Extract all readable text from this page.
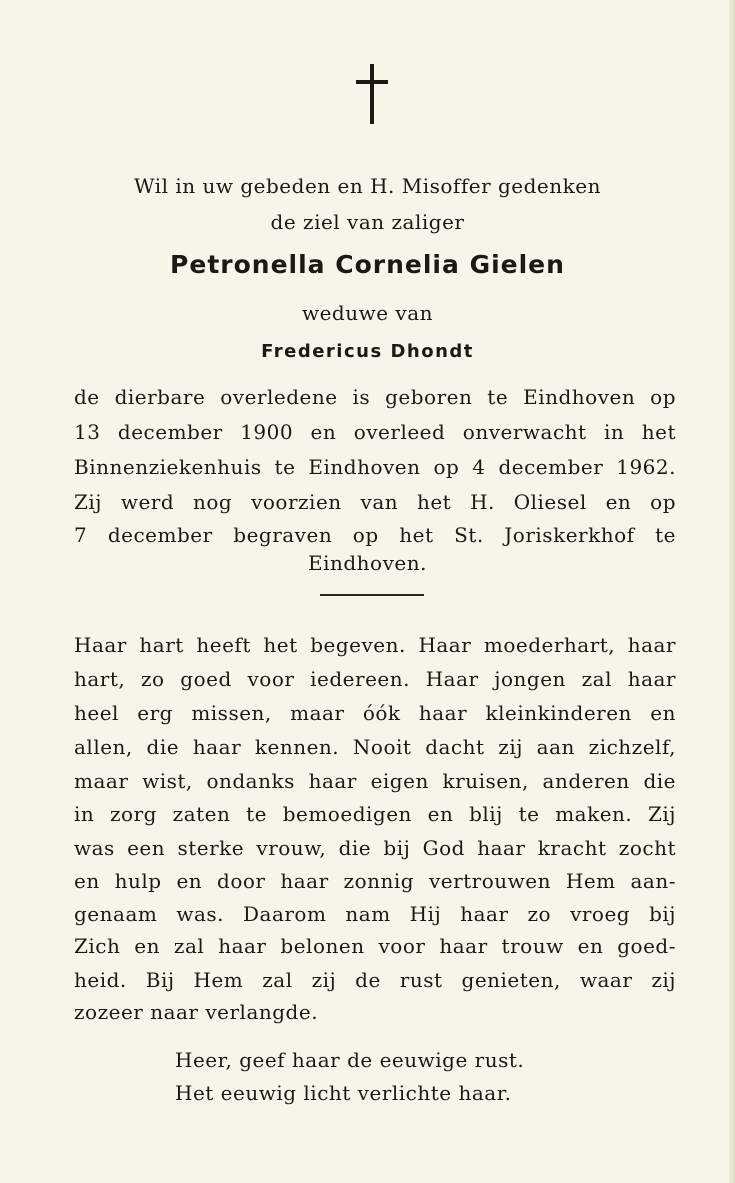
Wil in uw gebeden en H. Misoffer gedenken
de ziel van zaliger
Petronella Cornelia Gielen
weduwe van
Fredericus Dhondt
de dierbare overledene is geboren te Eindhoven op
13 december 1900 en overleed onverwacht in het
Binnenziekenhuis te Eindhoven op 4 december 1962.
Zij werd nog voorzien van het H. Oliesel en op
7 december begraven op het St. Joriskerkhof te
Eindhoven.
Haar hart heeft het begeven. Haar moederhart, haar
hart, zo goed voor iedereen. Haar jongen zal haar
heel erg missen, maar óók haar kleinkinderen en
allen, die haar kennen. Nooit dacht zij aan zichzelf,
maar wist, ondanks haar eigen kruisen, anderen die
in zorg zaten te bemoedigen en blij te maken. Zij
was een sterke vrouw, die bij God haar kracht zocht
en hulp en door haar zonnig vertrouwen Hem aan-
genaam was. Daarom nam Hij haar zo vroeg bij
Zich en zal haar belonen voor haar trouw en goed-
heid. Bij Hem zal zij de rust genieten, waar zij
zozeer naar verlangde.
Heer, geef haar de eeuwige rust.
Het eeuwig licht verlichte haar.
